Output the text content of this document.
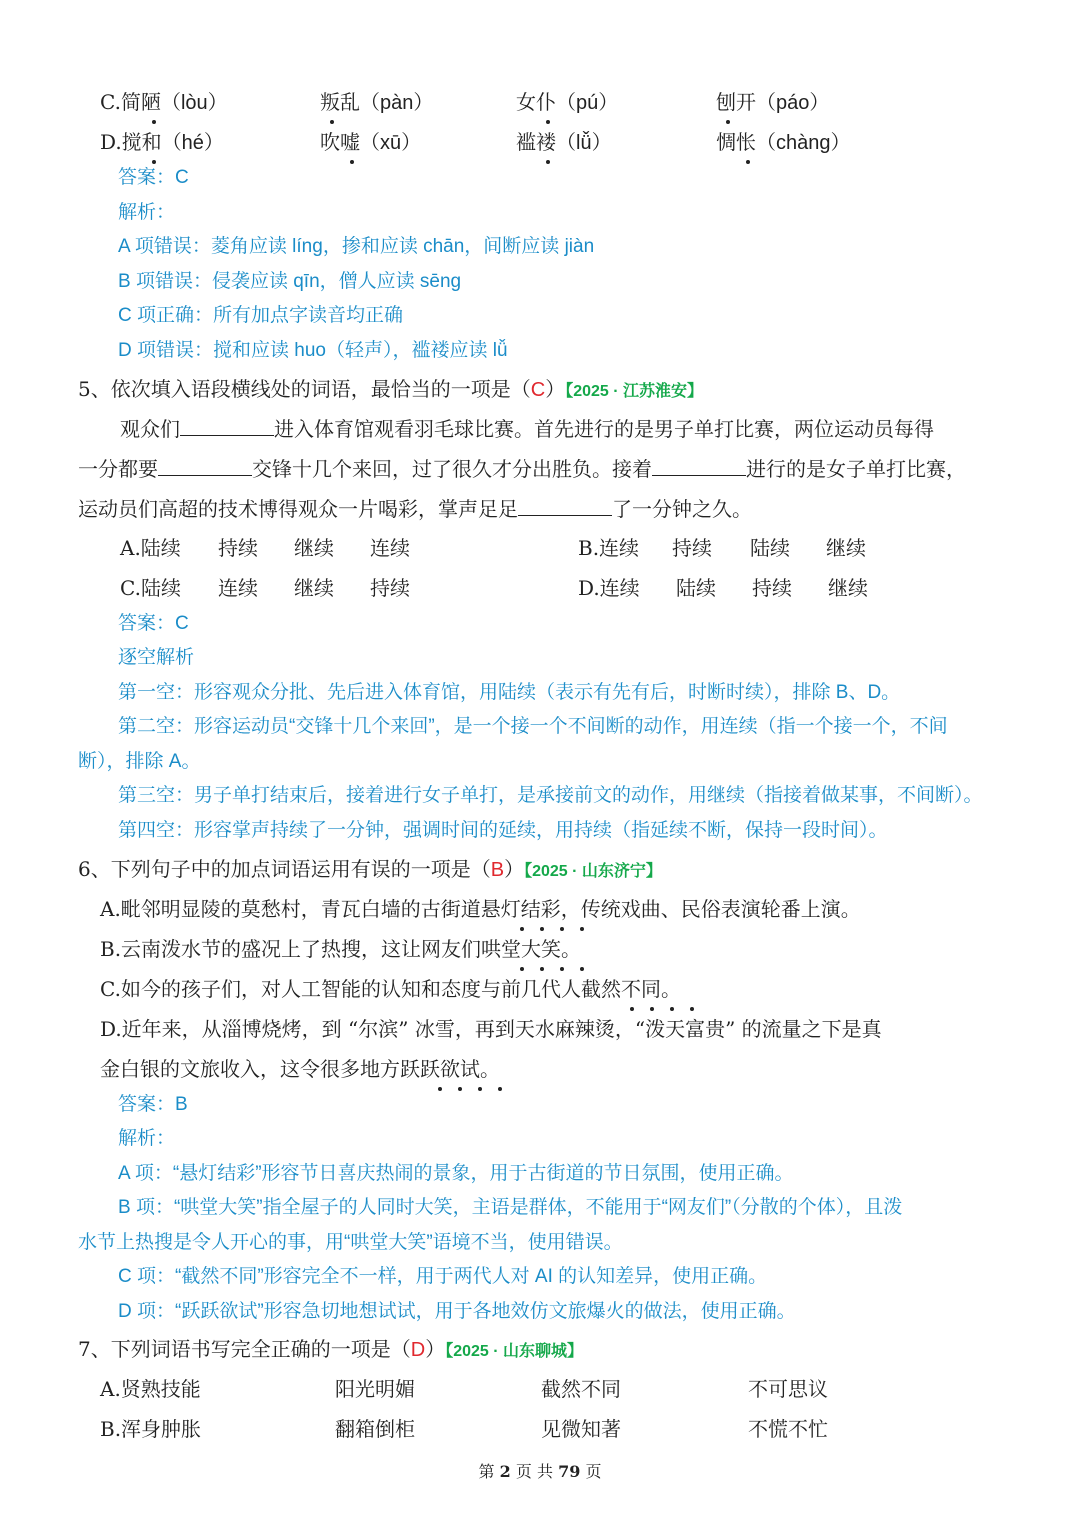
C.简陋（lòu）	叛乱（pàn）	女仆（pú）	刨开（páo）
D.搅和（hé）	吹嘘（xū）	褴褛（lǚ）	惆怅（chàng）
答案：C
解析：
A 项错误：菱角应读 líng，掺和应读 chān，间断应读 jiàn
B 项错误：侵袭应读 qīn，僧人应读 sēng
C 项正确：所有加点字读音均正确
D 项错误：搅和应读 huo（轻声），褴褛应读 lǚ
5、依次填入语段横线处的词语，最恰当的一项是（C）【2025 · 江苏淮安】
观众们	进入体育馆观看羽毛球比赛。首先进行的是男子单打比赛，两位运动员每得
一分都要	交锋十几个来回，过了很久才分出胜负。接着	进行的是女子单打比赛，
运动员们高超的技术博得观众一片喝彩，掌声足足	了一分钟之久。
A.陆续 持续 继续 连续	B.连续 持续 陆续 继续
C.陆续 连续 继续 持续	D.连续 陆续 持续 继续
答案：C
逐空解析
第一空：形容观众分批、先后进入体育馆，用陆续（表示有先有后，时断时续），排除 B、D。
第二空：形容运动员“交锋十几个来回”，是一个接一个不间断的动作，用连续（指一个接一个，不间
断），排除 A。
第三空：男子单打结束后，接着进行女子单打，是承接前文的动作，用继续（指接着做某事，不间断）。
第四空：形容掌声持续了一分钟，强调时间的延续，用持续（指延续不断，保持一段时间）。
6、下列句子中的加点词语运用有误的一项是（B）【2025 · 山东济宁】
A.毗邻明显陵的莫愁村，青瓦白墙的古街道悬灯结彩，传统戏曲、民俗表演轮番上演。
B.云南泼水节的盛况上了热搜，这让网友们哄堂大笑。
C.如今的孩子们，对人工智能的认知和态度与前几代人截然不同。
D.近年来，从淄博烧烤，到 “尔滨” 冰雪，再到天水麻辣烫，“泼天富贵” 的流量之下是真
金白银的文旅收入，这令很多地方跃跃欲试。
答案：B
解析：
A 项：“悬灯结彩”形容节日喜庆热闹的景象，用于古街道的节日氛围，使用正确。
B 项：“哄堂大笑”指全屋子的人同时大笑，主语是群体，不能用于“网友们”（分散的个体），且泼
水节上热搜是令人开心的事，用“哄堂大笑”语境不当，使用错误。
C 项：“截然不同”形容完全不一样，用于两代人对 AI 的认知差异，使用正确。
D 项：“跃跃欲试”形容急切地想试试，用于各地效仿文旅爆火的做法，使用正确。
7、下列词语书写完全正确的一项是（D）【2025 · 山东聊城】
A.贤熟技能	阳光明媚	截然不同	不可思议
B.浑身肿胀	翻箱倒柜	见微知著	不慌不忙
第 2 页 共 79 页
